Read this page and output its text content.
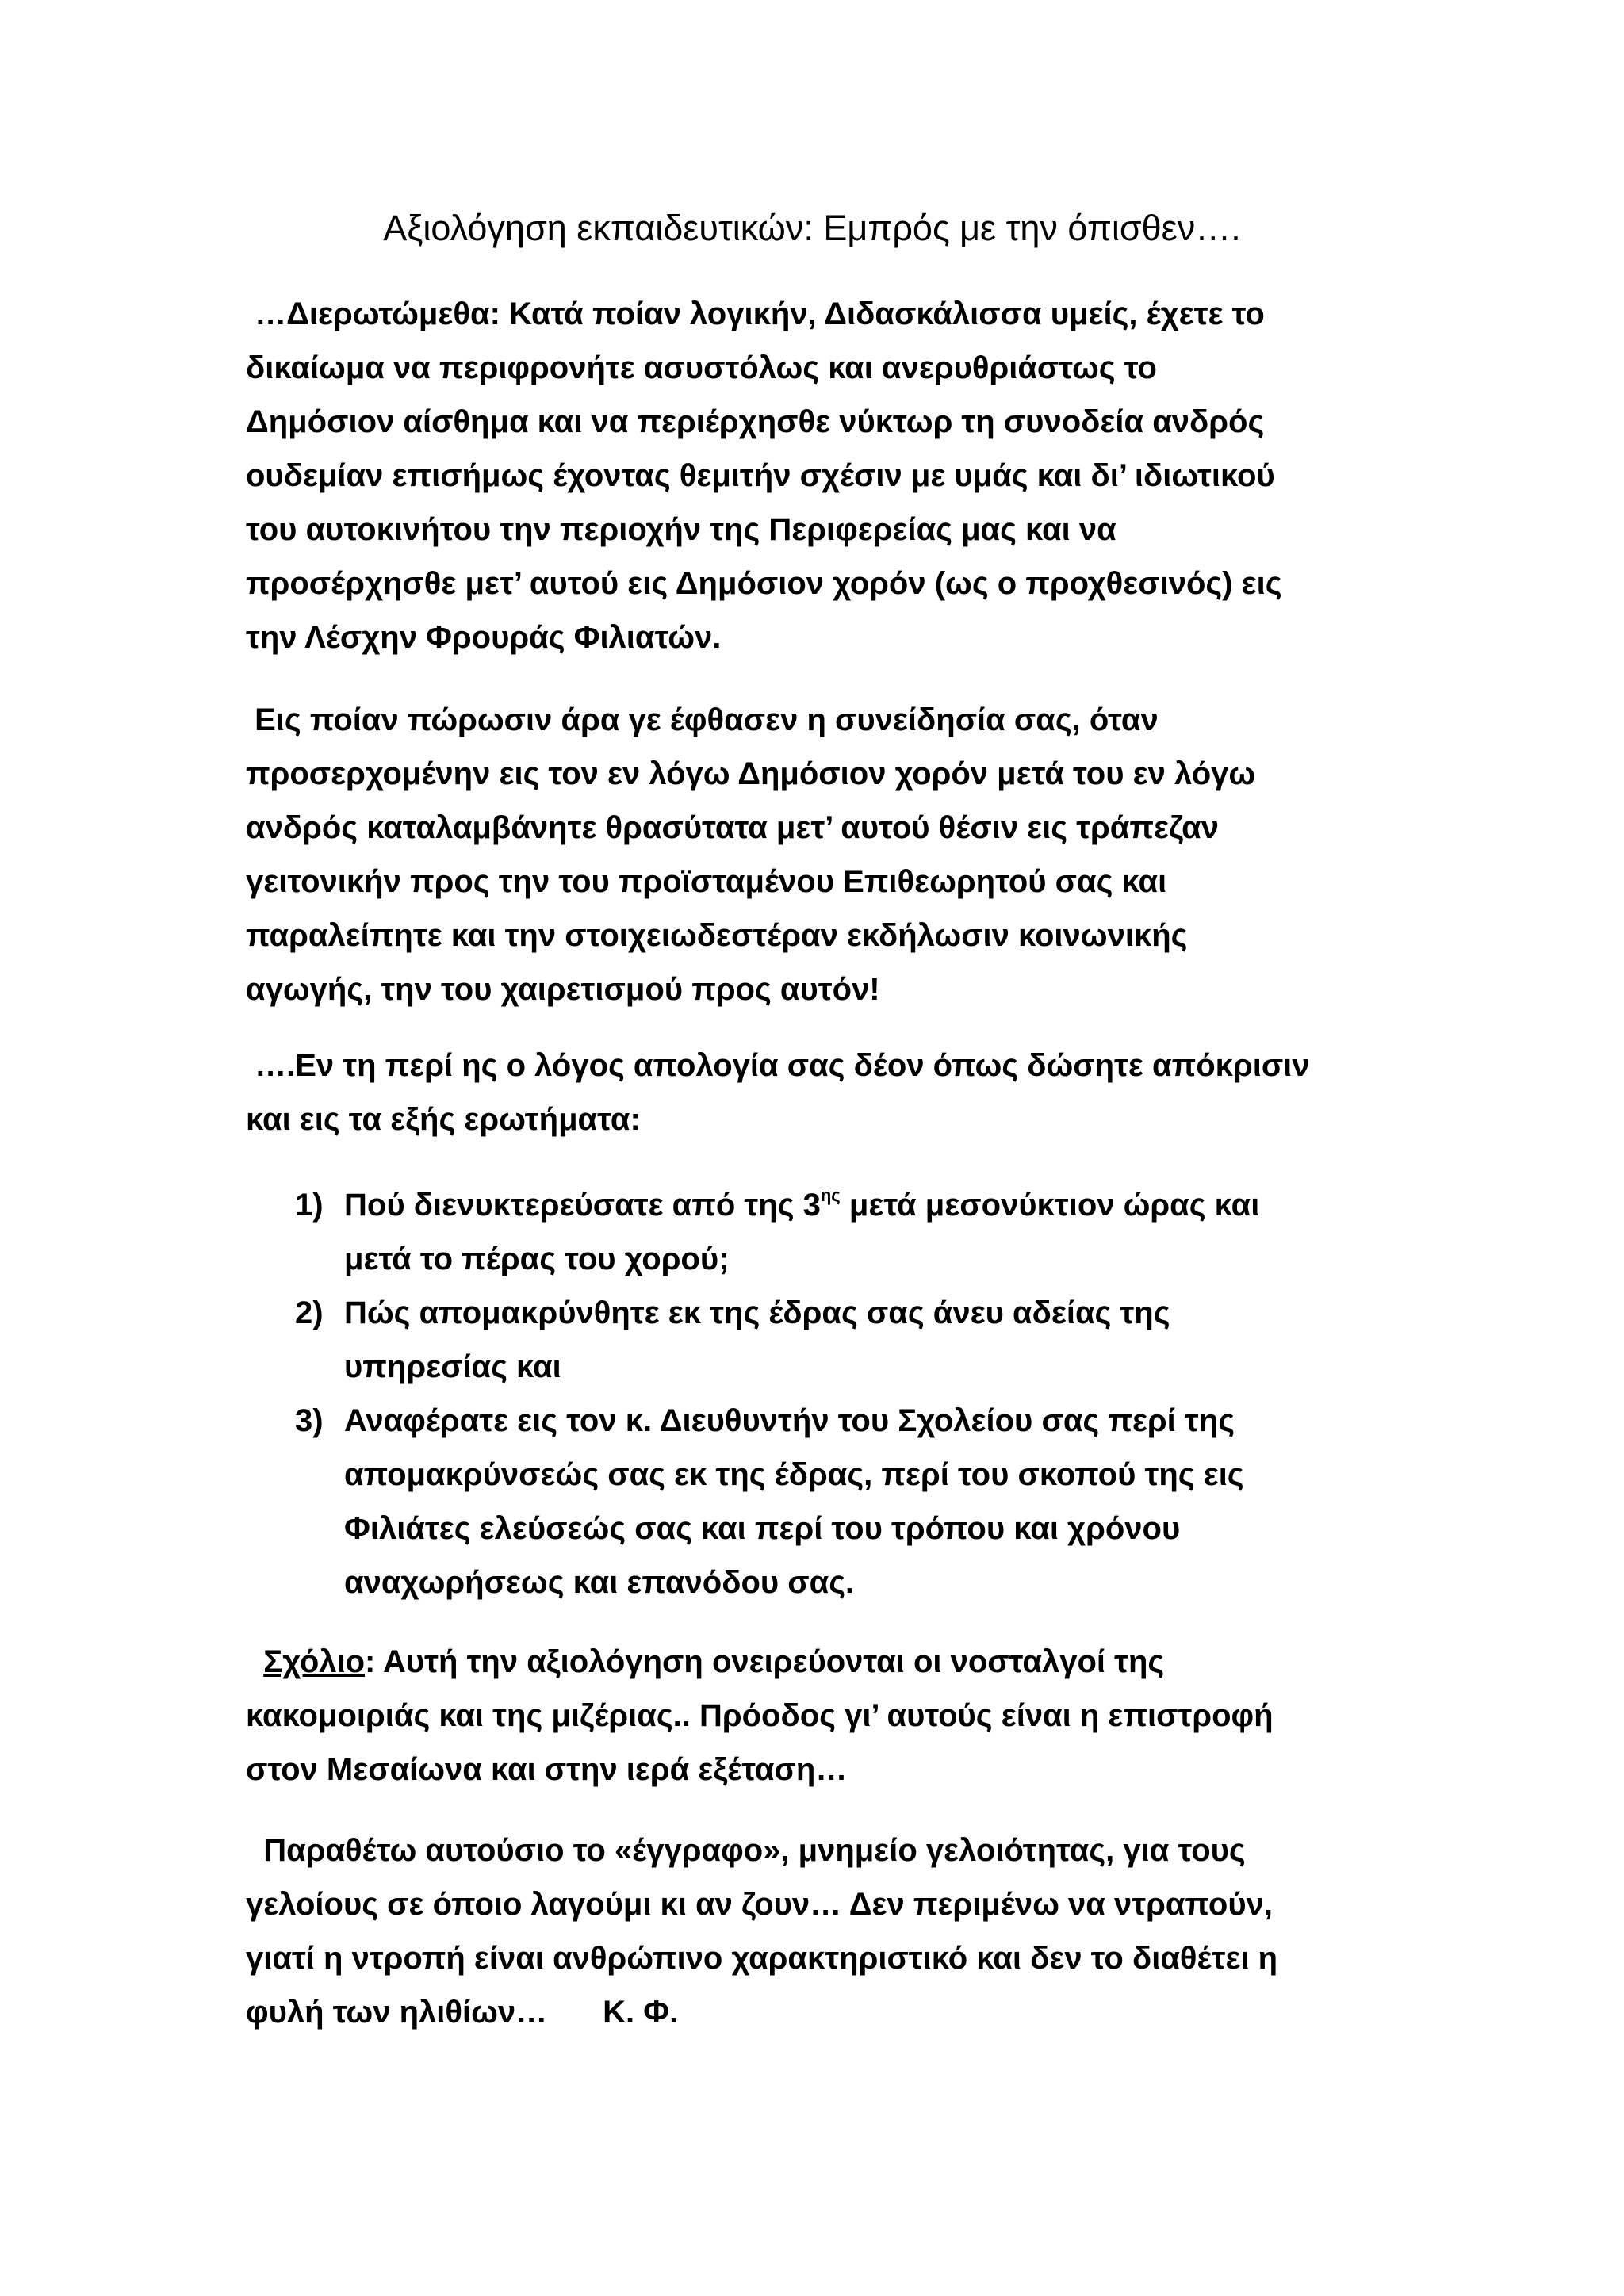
Αξιολόγηση εκπαιδευτικών: Εμπρός με την όπισθεν….
…Διερωτώμεθα: Κατά ποίαν λογικήν, Διδασκάλισσα υμείς, έχετε το
δικαίωμα να περιφρονήτε ασυστόλως και ανερυθριάστως το
Δημόσιον αίσθημα και να περιέρχησθε νύκτωρ τη συνοδεία ανδρός
ουδεμίαν επισήμως έχοντας θεμιτήν σχέσιν με υμάς και δι’ ιδιωτικού
του αυτοκινήτου την περιοχήν της Περιφερείας μας και να
προσέρχησθε μετ’ αυτού εις Δημόσιον χορόν (ως ο προχθεσινός) εις
την Λέσχην Φρουράς Φιλιατών.
Εις ποίαν πώρωσιν άρα γε έφθασεν η συνείδησία σας, όταν
προσερχομένην εις τον εν λόγω Δημόσιον χορόν μετά του εν λόγω
ανδρός καταλαμβάνητε θρασύτατα μετ’ αυτού θέσιν εις τράπεζαν
γειτονικήν προς την του προϊσταμένου Επιθεωρητού σας και
παραλείπητε και την στοιχειωδεστέραν εκδήλωσιν κοινωνικής
αγωγής, την του χαιρετισμού προς αυτόν!
….Εν τη περί ης ο λόγος απολογία σας δέον όπως δώσητε απόκρισιν
και εις τα εξής ερωτήματα:
1) Πού διενυκτερεύσατε από της $3^{\eta\varsigma}$ μετά μεσονύκτιον ώρας και
μετά το πέρας του χορού;
2) Πώς απομακρύνθητε εκ της έδρας σας άνευ αδείας της
υπηρεσίας και
3) Αναφέρατε εις τον κ. Διευθυντήν του Σχολείου σας περί της
απομακρύνσεώς σας εκ της έδρας, περί του σκοπού της εις
Φιλιάτες ελεύσεώς σας και περί του τρόπου και χρόνου
αναχωρήσεως και επανόδου σας.
Σχόλιο: Αυτή την αξιολόγηση ονειρεύονται οι νοσταλγοί της
κακομοιριάς και της μιζέριας.. Πρόοδος γι’ αυτούς είναι η επιστροφή
στον Μεσαίωνα και στην ιερά εξέταση…
Παραθέτω αυτούσιο το «έγγραφο», μνημείο γελοιότητας, για τους
γελοίους σε όποιο λαγούμι κι αν ζουν… Δεν περιμένω να ντραπούν,
γιατί η ντροπή είναι ανθρώπινο χαρακτηριστικό και δεν το διαθέτει η
φυλή των ηλιθίων… Κ. Φ.
